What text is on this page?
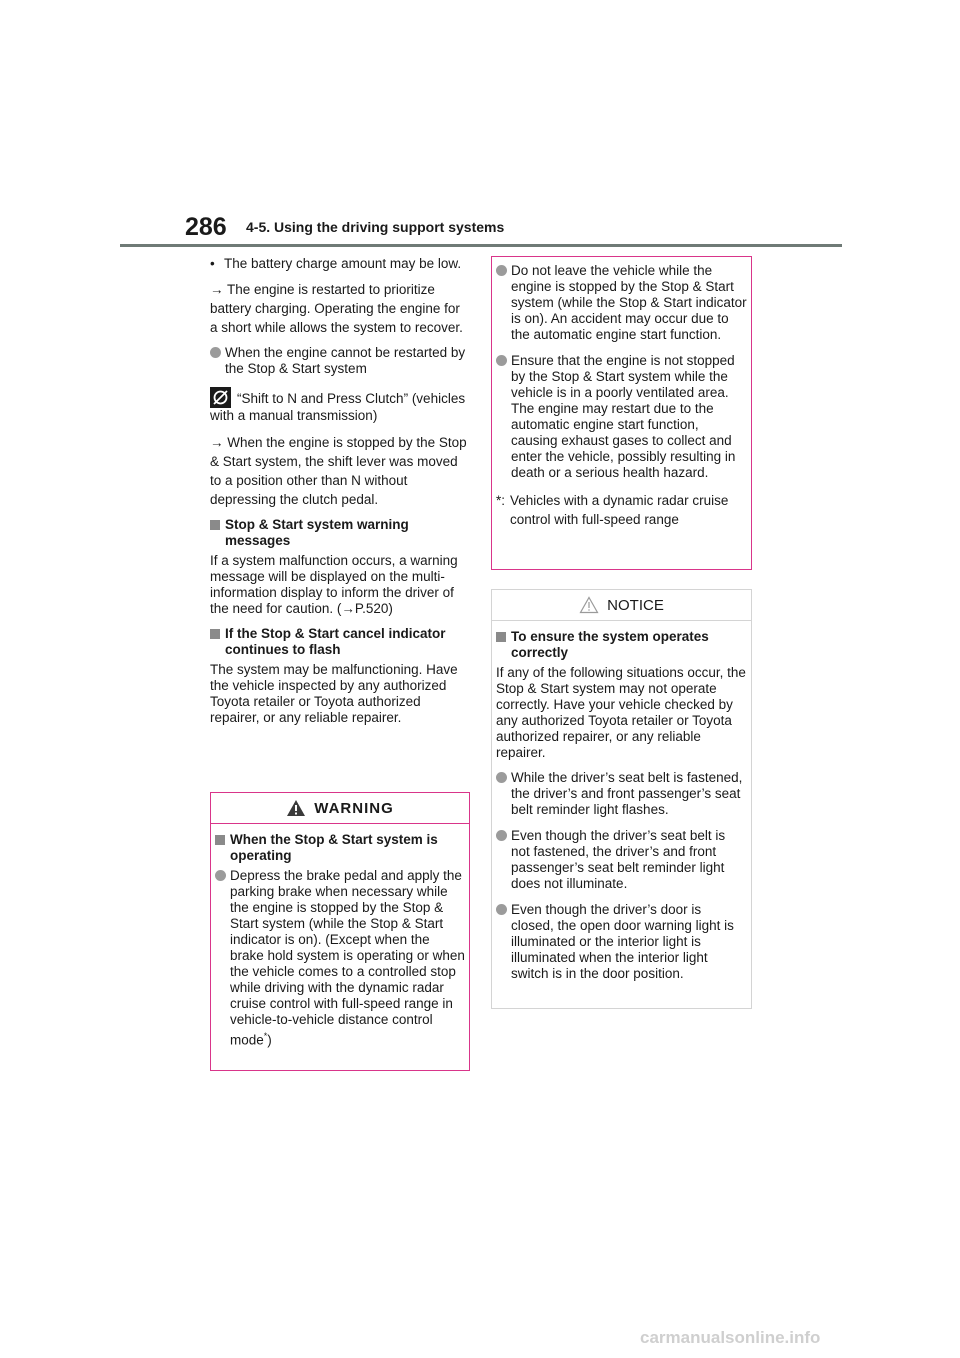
286 4-5. Using the driving support systems
• The battery charge amount may be low.
→ The engine is restarted to prioritize battery charging. Operating the engine for a short while allows the system to recover.
When the engine cannot be restarted by the Stop & Start system

“Shift to N and Press Clutch” (vehicles with a manual transmission)

→ When the engine is stopped by the Stop & Start system, the shift lever was moved to a position other than N without depressing the clutch pedal.
Stop & Start system warning messages

If a system malfunction occurs, a warning message will be displayed on the multi-information display to inform the driver of the need for caution. (→P.520)

If the Stop & Start cancel indicator continues to flash

The system may be malfunctioning. Have the vehicle inspected by any authorized Toyota retailer or Toyota authorized repairer, or any reliable repairer.

WARNING
When the Stop & Start system is operating
Depress the brake pedal and apply the parking brake when necessary while the engine is stopped by the Stop & Start system (while the Stop & Start indicator is on). (Except when the brake hold system is operating or when the vehicle comes to a controlled stop while driving with the dynamic radar cruise control with full-speed range in vehicle-to-vehicle distance control mode*)
Do not leave the vehicle while the engine is stopped by the Stop & Start system (while the Stop & Start indicator is on). An accident may occur due to the automatic engine start function.
Ensure that the engine is not stopped by the Stop & Start system while the vehicle is in a poorly ventilated area. The engine may restart due to the automatic engine start function, causing exhaust gases to collect and enter the vehicle, possibly resulting in death or a serious health hazard.
*: Vehicles with a dynamic radar cruise control with full-speed range
NOTICE
To ensure the system operates correctly

If any of the following situations occur, the Stop & Start system may not operate correctly. Have your vehicle checked by any authorized Toyota retailer or Toyota authorized repairer, or any reliable repairer.

While the driver’s seat belt is fastened, the driver’s and front passenger’s seat belt reminder light flashes.
Even though the driver’s seat belt is not fastened, the driver’s and front passenger’s seat belt reminder light does not illuminate.
Even though the driver’s door is closed, the open door warning light is illuminated or the interior light is illuminated when the interior light switch is in the door position.
carmanualsonline.info
